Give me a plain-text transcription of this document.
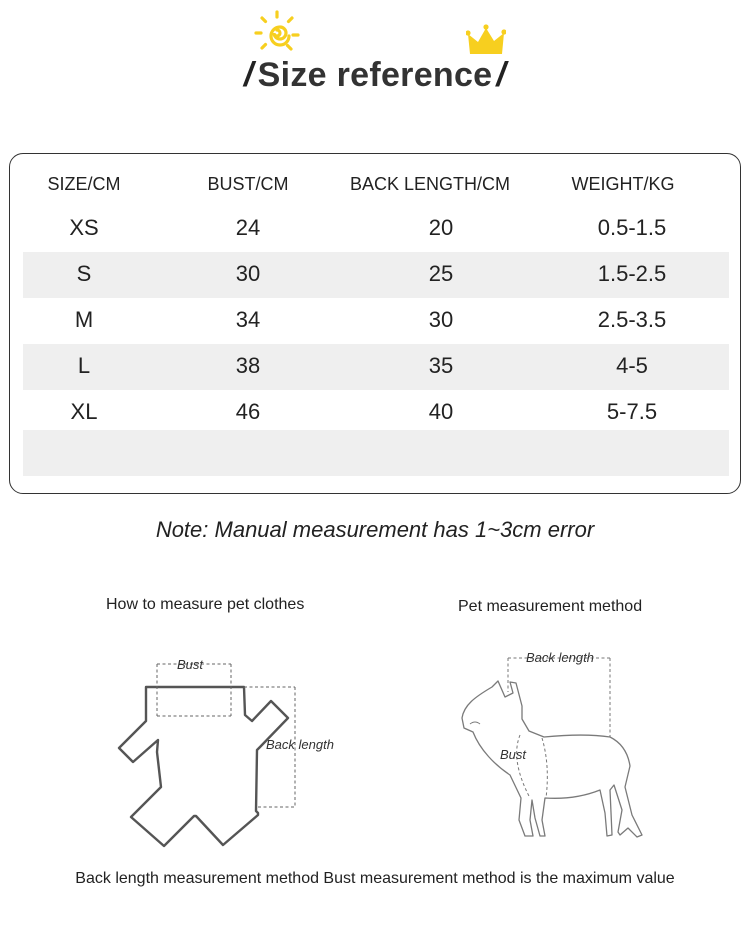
/ Size reference /
SIZE/CM	BUST/CM	BACK LENGTH/CM	WEIGHT/KG
XS	24	20	0.5-1.5
S	30	25	1.5-2.5
M	34	30	2.5-3.5
L	38	35	4-5
XL	46	40	5-7.5
Note: Manual measurement has 1~3cm error
How to measure pet clothes	Pet measurement method
Bust
Back length
Back length
Bust
Back length measurement method Bust measurement method is the maximum value
